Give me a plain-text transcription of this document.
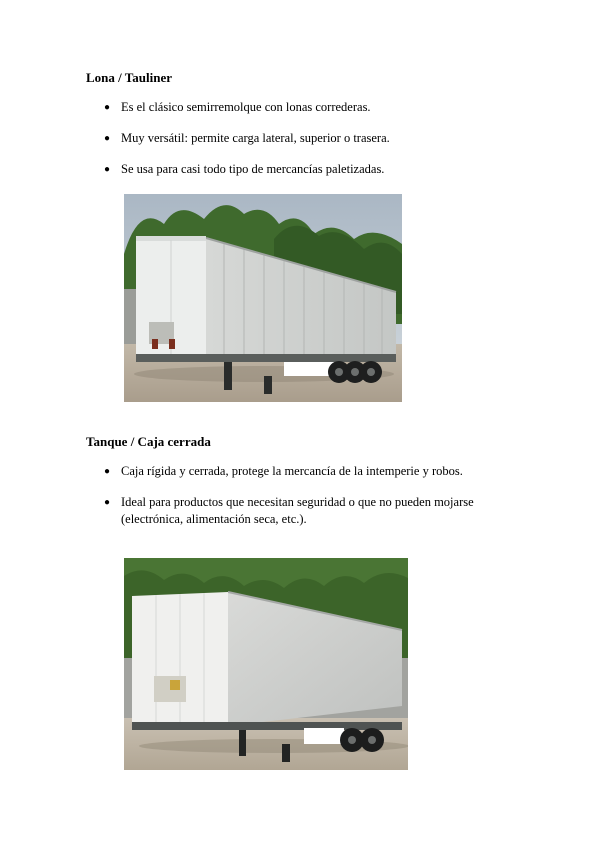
Lona / Tauliner
● Es el clásico semirremolque con lonas correderas.
● Muy versátil: permite carga lateral, superior o trasera.
● Se usa para casi todo tipo de mercancías paletizadas.
Tanque / Caja cerrada
● Caja rígida y cerrada, protege la mercancía de la intemperie y robos.
● Ideal para productos que necesitan seguridad o que no pueden mojarse (electrónica, alimentación seca, etc.).
